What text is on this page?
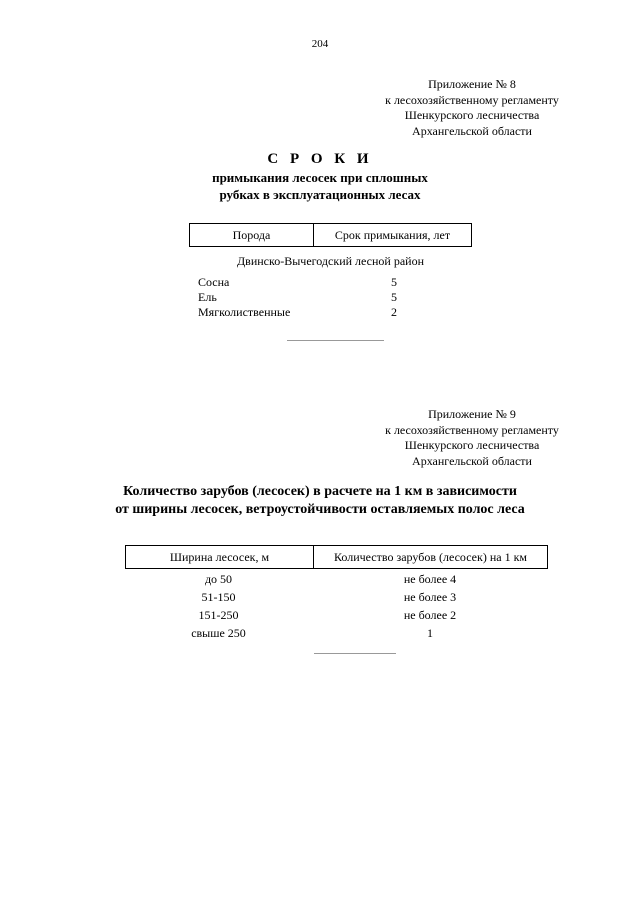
204
Приложение № 8
к лесохозяйственному регламенту
Шенкурского лесничества
Архангельской области
С Р О К И
примыкания лесосек при сплошных
рубках в эксплуатационных лесах
Порода	Срок примыкания, лет
Двинско-Вычегодский лесной район
Сосна	5
Ель	5
Мягколиственные	2
Приложение № 9
к лесохозяйственному регламенту
Шенкурского лесничества
Архангельской области
Количество зарубов (лесосек) в расчете на 1 км в зависимости
от ширины лесосек, ветроустойчивости оставляемых полос леса
Ширина лесосек, м	Количество зарубов (лесосек) на 1 км
до 50	не более 4
51-150	не более 3
151-250	не более 2
свыше 250	1
